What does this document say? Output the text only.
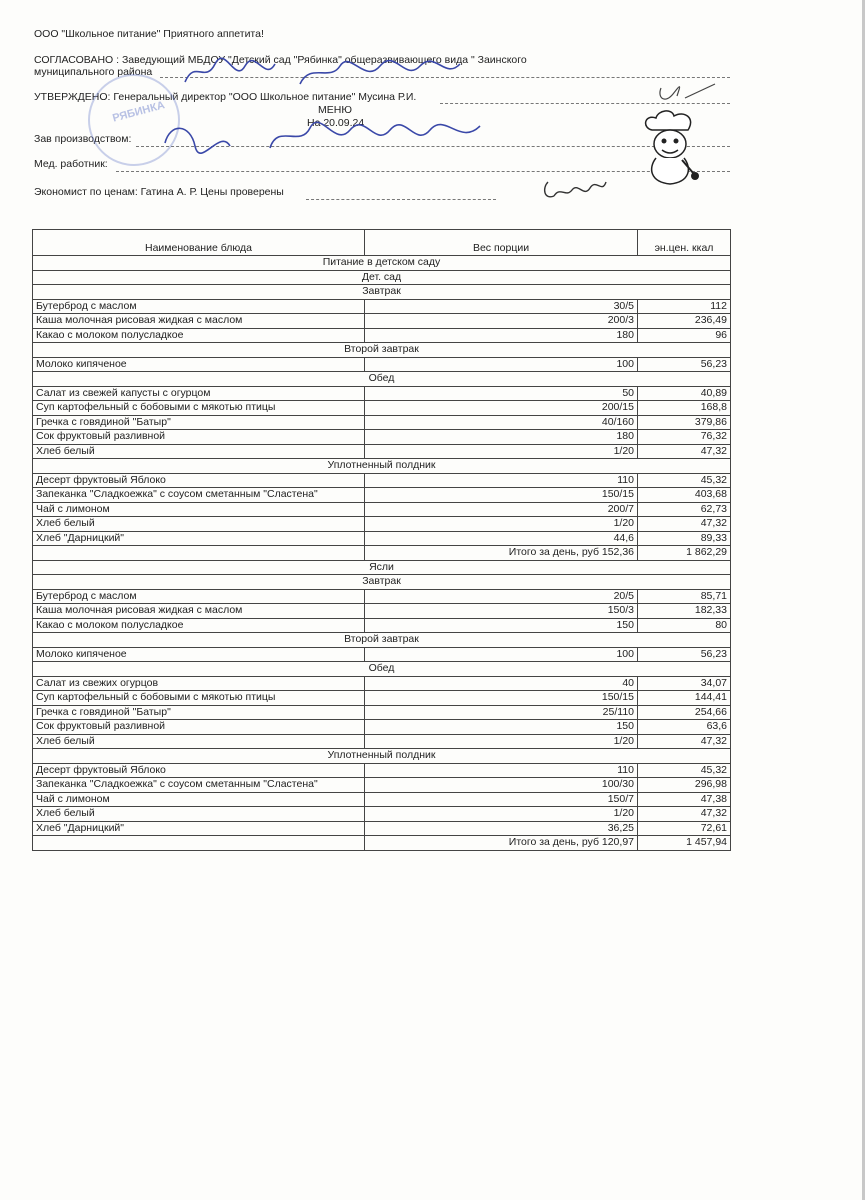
ООО "Школьное питание" Приятного аппетита!
СОГЛАСОВАНО : Заведующий МБДОУ "Детский сад "Рябинка" общеразвивающего вида " Заинского
муниципального района
УТВЕРЖДЕНО: Генеральный директор "ООО Школьное питание" Мусина Р.И.
Зав производством:
Мед. работник:
Экономист по ценам: Гатина А. Р. Цены проверены
МЕНЮ
На 20.09.24
РЯБИНКА
Наименование блюда	Вес порции	эн.цен. ккал
Питание в детском саду		
Дет. сад		
Завтрак		
Бутерброд с маслом	30/5	112
Каша молочная рисовая жидкая с маслом	200/3	236,49
Какао с молоком полусладкое	180	96
Второй завтрак		
Молоко кипяченое	100	56,23
Обед		
Салат из свежей капусты с огурцом	50	40,89
Суп картофельный с бобовыми с мякотью птицы	200/15	168,8
Гречка с говядиной "Батыр"	40/160	379,86
Сок фруктовый разливной	180	76,32
Хлеб белый	1/20	47,32
Уплотненный полдник		
Десерт фруктовый Яблоко	110	45,32
Запеканка "Сладкоежка" с соусом сметанным "Сластена"	150/15	403,68
Чай с лимоном	200/7	62,73
Хлеб белый	1/20	47,32
Хлеб "Дарницкий"	44,6	89,33
	Итого за день, руб 152,36	1 862,29
Ясли		
Завтрак		
Бутерброд с маслом	20/5	85,71
Каша молочная рисовая жидкая с маслом	150/3	182,33
Какао с молоком полусладкое	150	80
Второй завтрак		
Молоко кипяченое	100	56,23
Обед		
Салат из свежих огурцов	40	34,07
Суп картофельный с бобовыми с мякотью птицы	150/15	144,41
Гречка с говядиной "Батыр"	25/110	254,66
Сок фруктовый разливной	150	63,6
Хлеб белый	1/20	47,32
Уплотненный полдник		
Десерт фруктовый Яблоко	110	45,32
Запеканка "Сладкоежка" с соусом сметанным "Сластена"	100/30	296,98
Чай с лимоном	150/7	47,38
Хлеб белый	1/20	47,32
Хлеб "Дарницкий"	36,25	72,61
	Итого за день, руб 120,97	1 457,94
